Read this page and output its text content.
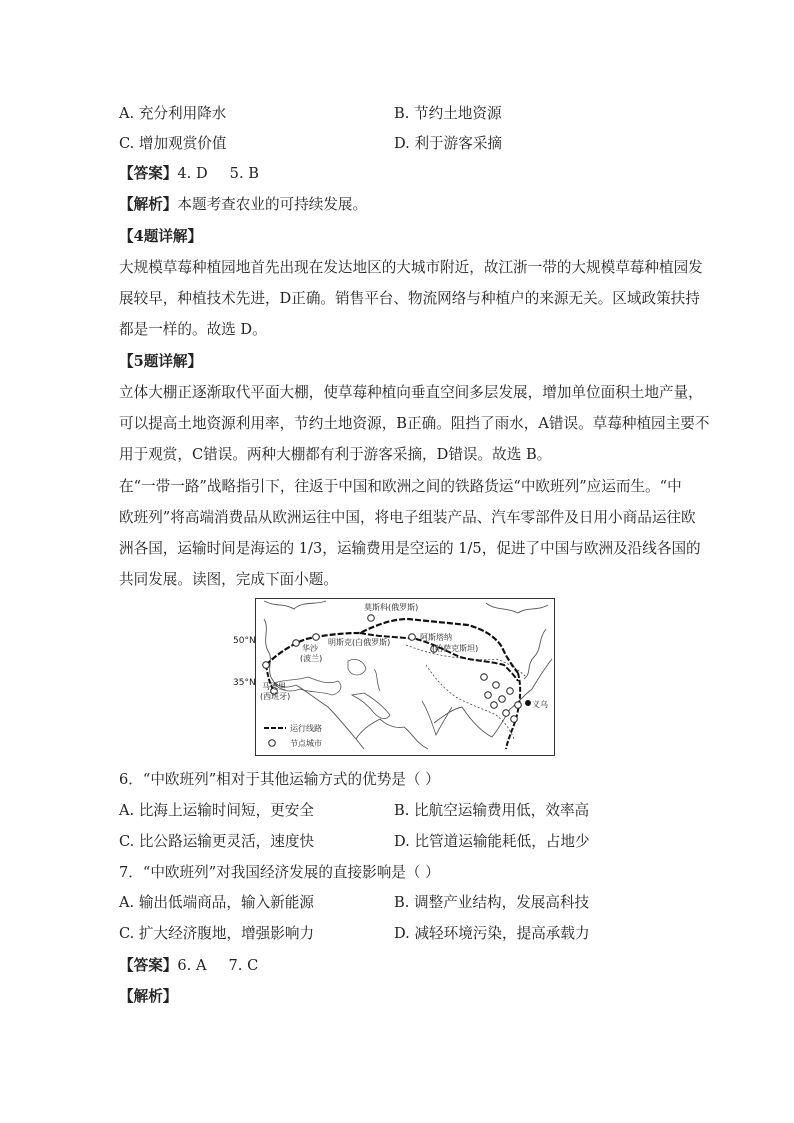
A. 充分利用降水	B. 节约土地资源
C. 增加观赏价值	D. 利于游客采摘
【答案】4. D 5. B
【解析】本题考查农业的可持续发展。
【4题详解】
大规模草莓种植园地首先出现在发达地区的大城市附近，故江浙一带的大规模草莓种植园发
展较早，种植技术先进，D正确。销售平台、物流网络与种植户的来源无关。区域政策扶持
都是一样的。故选 D。
【5题详解】
立体大棚正逐渐取代平面大棚，使草莓种植向垂直空间多层发展，增加单位面积土地产量，
可以提高土地资源利用率，节约土地资源，B正确。阻挡了雨水，A错误。草莓种植园主要不
用于观赏，C错误。两种大棚都有利于游客采摘，D错误。故选 B。
在“一带一路”战略指引下，往返于中国和欧洲之间的铁路货运“中欧班列”应运而生。“中
欧班列”将高端消费品从欧洲运往中国，将电子组装产品、汽车零部件及日用小商品运往欧
洲各国，运输时间是海运的 1/3，运输费用是空运的 1/5，促进了中国与欧洲及沿线各国的
共同发展。读图，完成下面小题。
莫斯科(俄罗斯)
明斯克(白俄罗斯)
阿斯塔纳
(哈萨克斯坦)
华沙
(波兰)
马德里
(西班牙)
义乌
运行线路
节点城市
50°N
35°N
6．“中欧班列”相对于其他运输方式的优势是（ ）
A. 比海上运输时间短，更安全	B. 比航空运输费用低，效率高
C. 比公路运输更灵活，速度快	D. 比管道运输能耗低，占地少
7．“中欧班列”对我国经济发展的直接影响是（ ）
A. 输出低端商品，输入新能源	B. 调整产业结构，发展高科技
C. 扩大经济腹地，增强影响力	D. 减轻环境污染，提高承载力
【答案】6. A 7. C
【解析】
